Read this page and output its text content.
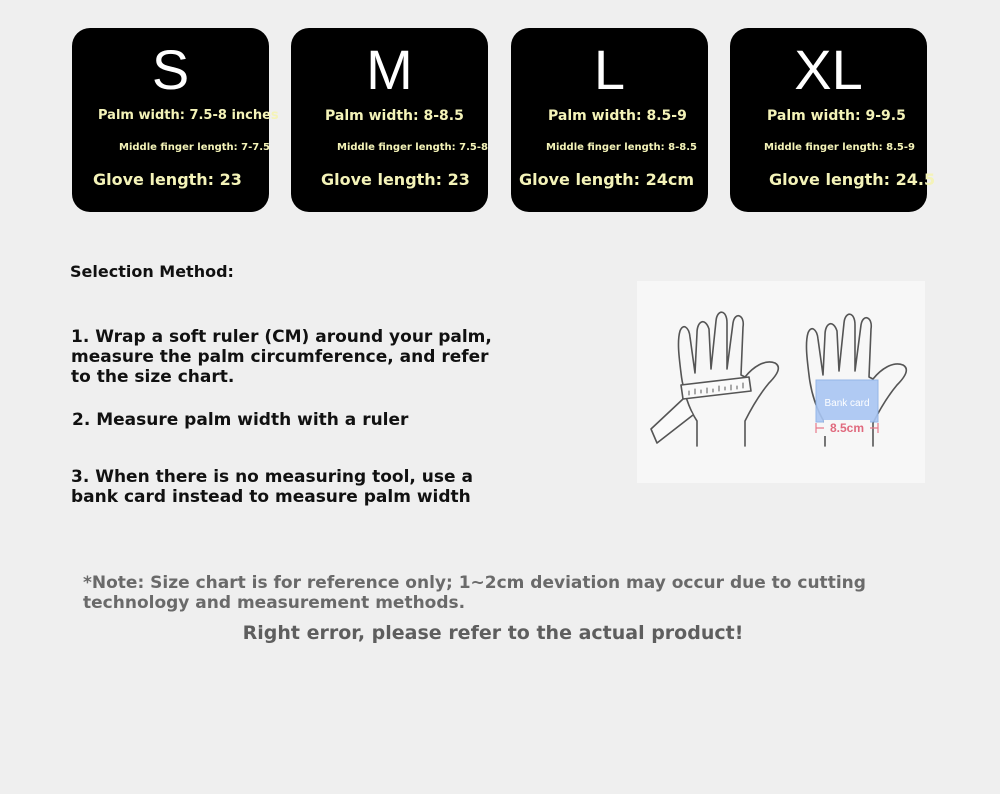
S
Palm width: 7.5-8 inches
Middle finger length: 7-7.5
Glove length: 23
M
Palm width: 8-8.5
Middle finger length: 7.5-8
Glove length: 23
L
Palm width: 8.5-9
Middle finger length: 8-8.5
Glove length: 24cm
XL
Palm width: 9-9.5
Middle finger length: 8.5-9
Glove length: 24.5
Selection Method:
1. Wrap a soft ruler (CM) around your palm, measure the palm circumference, and refer to the size chart.
2. Measure palm width with a ruler
3. When there is no measuring tool, use a bank card instead to measure palm width
Bank card
8.5cm
*Note: Size chart is for reference only; 1~2cm deviation may occur due to cutting technology and measurement methods.
Right error, please refer to the actual product!
